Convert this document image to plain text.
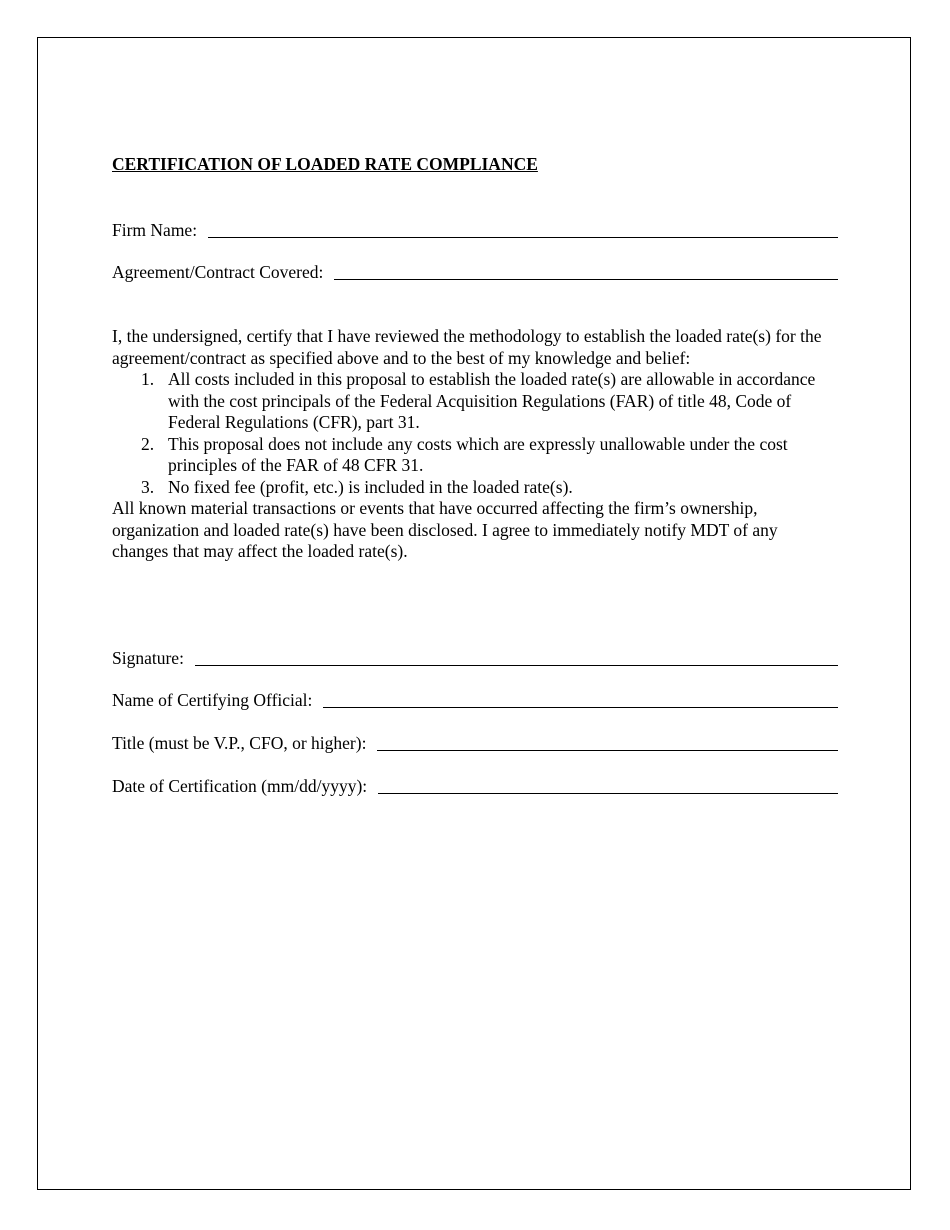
CERTIFICATION OF LOADED RATE COMPLIANCE
Firm Name:
Agreement/Contract Covered:

I, the undersigned, certify that I have reviewed the methodology to establish the loaded rate(s) for the agreement/contract as specified above and to the best of my knowledge and belief:

1. All costs included in this proposal to establish the loaded rate(s) are allowable in accordance with the cost principals of the Federal Acquisition Regulations (FAR) of title 48, Code of Federal Regulations (CFR), part 31.
2. This proposal does not include any costs which are expressly unallowable under the cost principles of the FAR of 48 CFR 31.
3. No fixed fee (profit, etc.) is included in the loaded rate(s).

All known material transactions or events that have occurred affecting the firm’s ownership, organization and loaded rate(s) have been disclosed. I agree to immediately notify MDT of any changes that may affect the loaded rate(s).

Signature:
Name of Certifying Official:
Title (must be V.P., CFO, or higher):
Date of Certification (mm/dd/yyyy):
